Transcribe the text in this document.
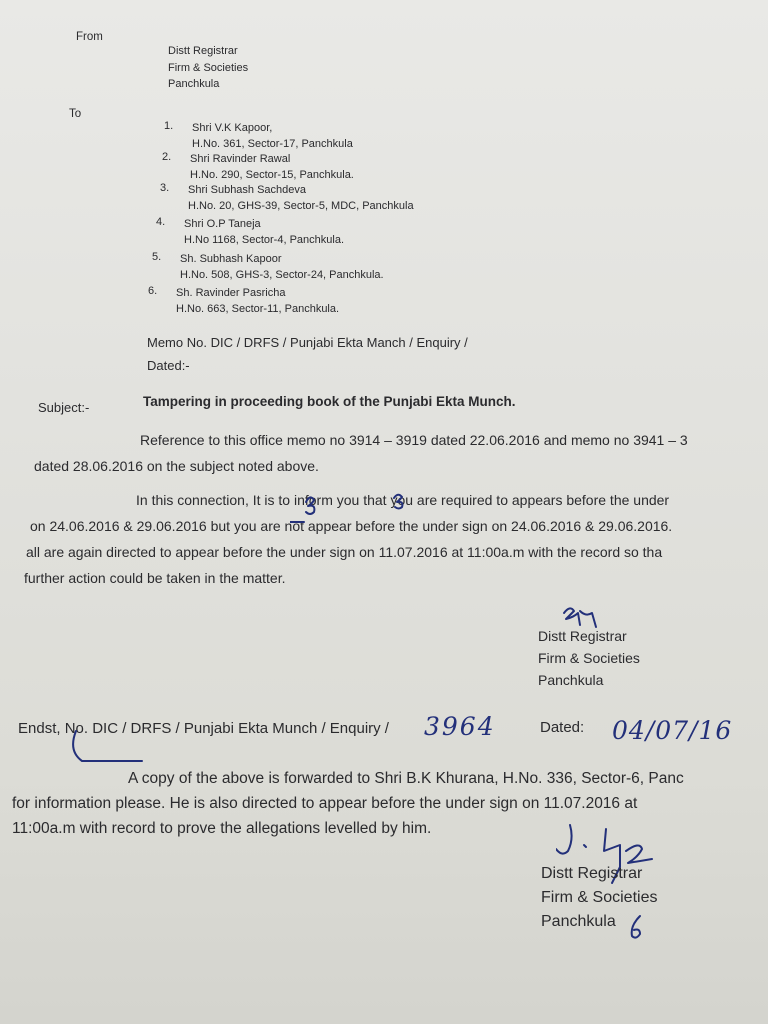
From
Distt Registrar
Firm & Societies
Panchkula
To
1. Shri V.K Kapoor,
H.No. 361, Sector-17, Panchkula
2. Shri Ravinder Rawal
H.No. 290, Sector-15, Panchkula.
3. Shri Subhash Sachdeva
H.No. 20, GHS-39, Sector-5, MDC, Panchkula
4. Shri O.P Taneja
H.No 1168, Sector-4, Panchkula.
5. Sh. Subhash Kapoor
H.No. 508, GHS-3, Sector-24, Panchkula.
6. Sh. Ravinder Pasricha
H.No. 663, Sector-11, Panchkula.
Memo No. DIC / DRFS / Punjabi Ekta Manch / Enquiry /
Dated:-
Subject:-	Tampering in proceeding book of the Punjabi Ekta Munch.
Reference to this office memo no 3914 – 3919 dated 22.06.2016 and memo no 3941 – 3
dated 28.06.2016 on the subject noted above.
In this connection, It is to inform you that you are required to appears before the under
on 24.06.2016 & 29.06.2016 but you are not appear before the under sign on 24.06.2016 & 29.06.2016.
all are again directed to appear before the under sign on 11.07.2016 at 11:00a.m with the record so tha
further action could be taken in the matter.
Distt Registrar
Firm & Societies
Panchkula
Endst, No. DIC / DRFS / Punjabi Ekta Munch / Enquiry / 3964	Dated: 04/07/16
A copy of the above is forwarded to Shri B.K Khurana, H.No. 336, Sector-6, Panc
for information please. He is also directed to appear before the under sign on 11.07.2016 at
11:00a.m with record to prove the allegations levelled by him.
Distt Registrar
Firm & Societies
Panchkula
